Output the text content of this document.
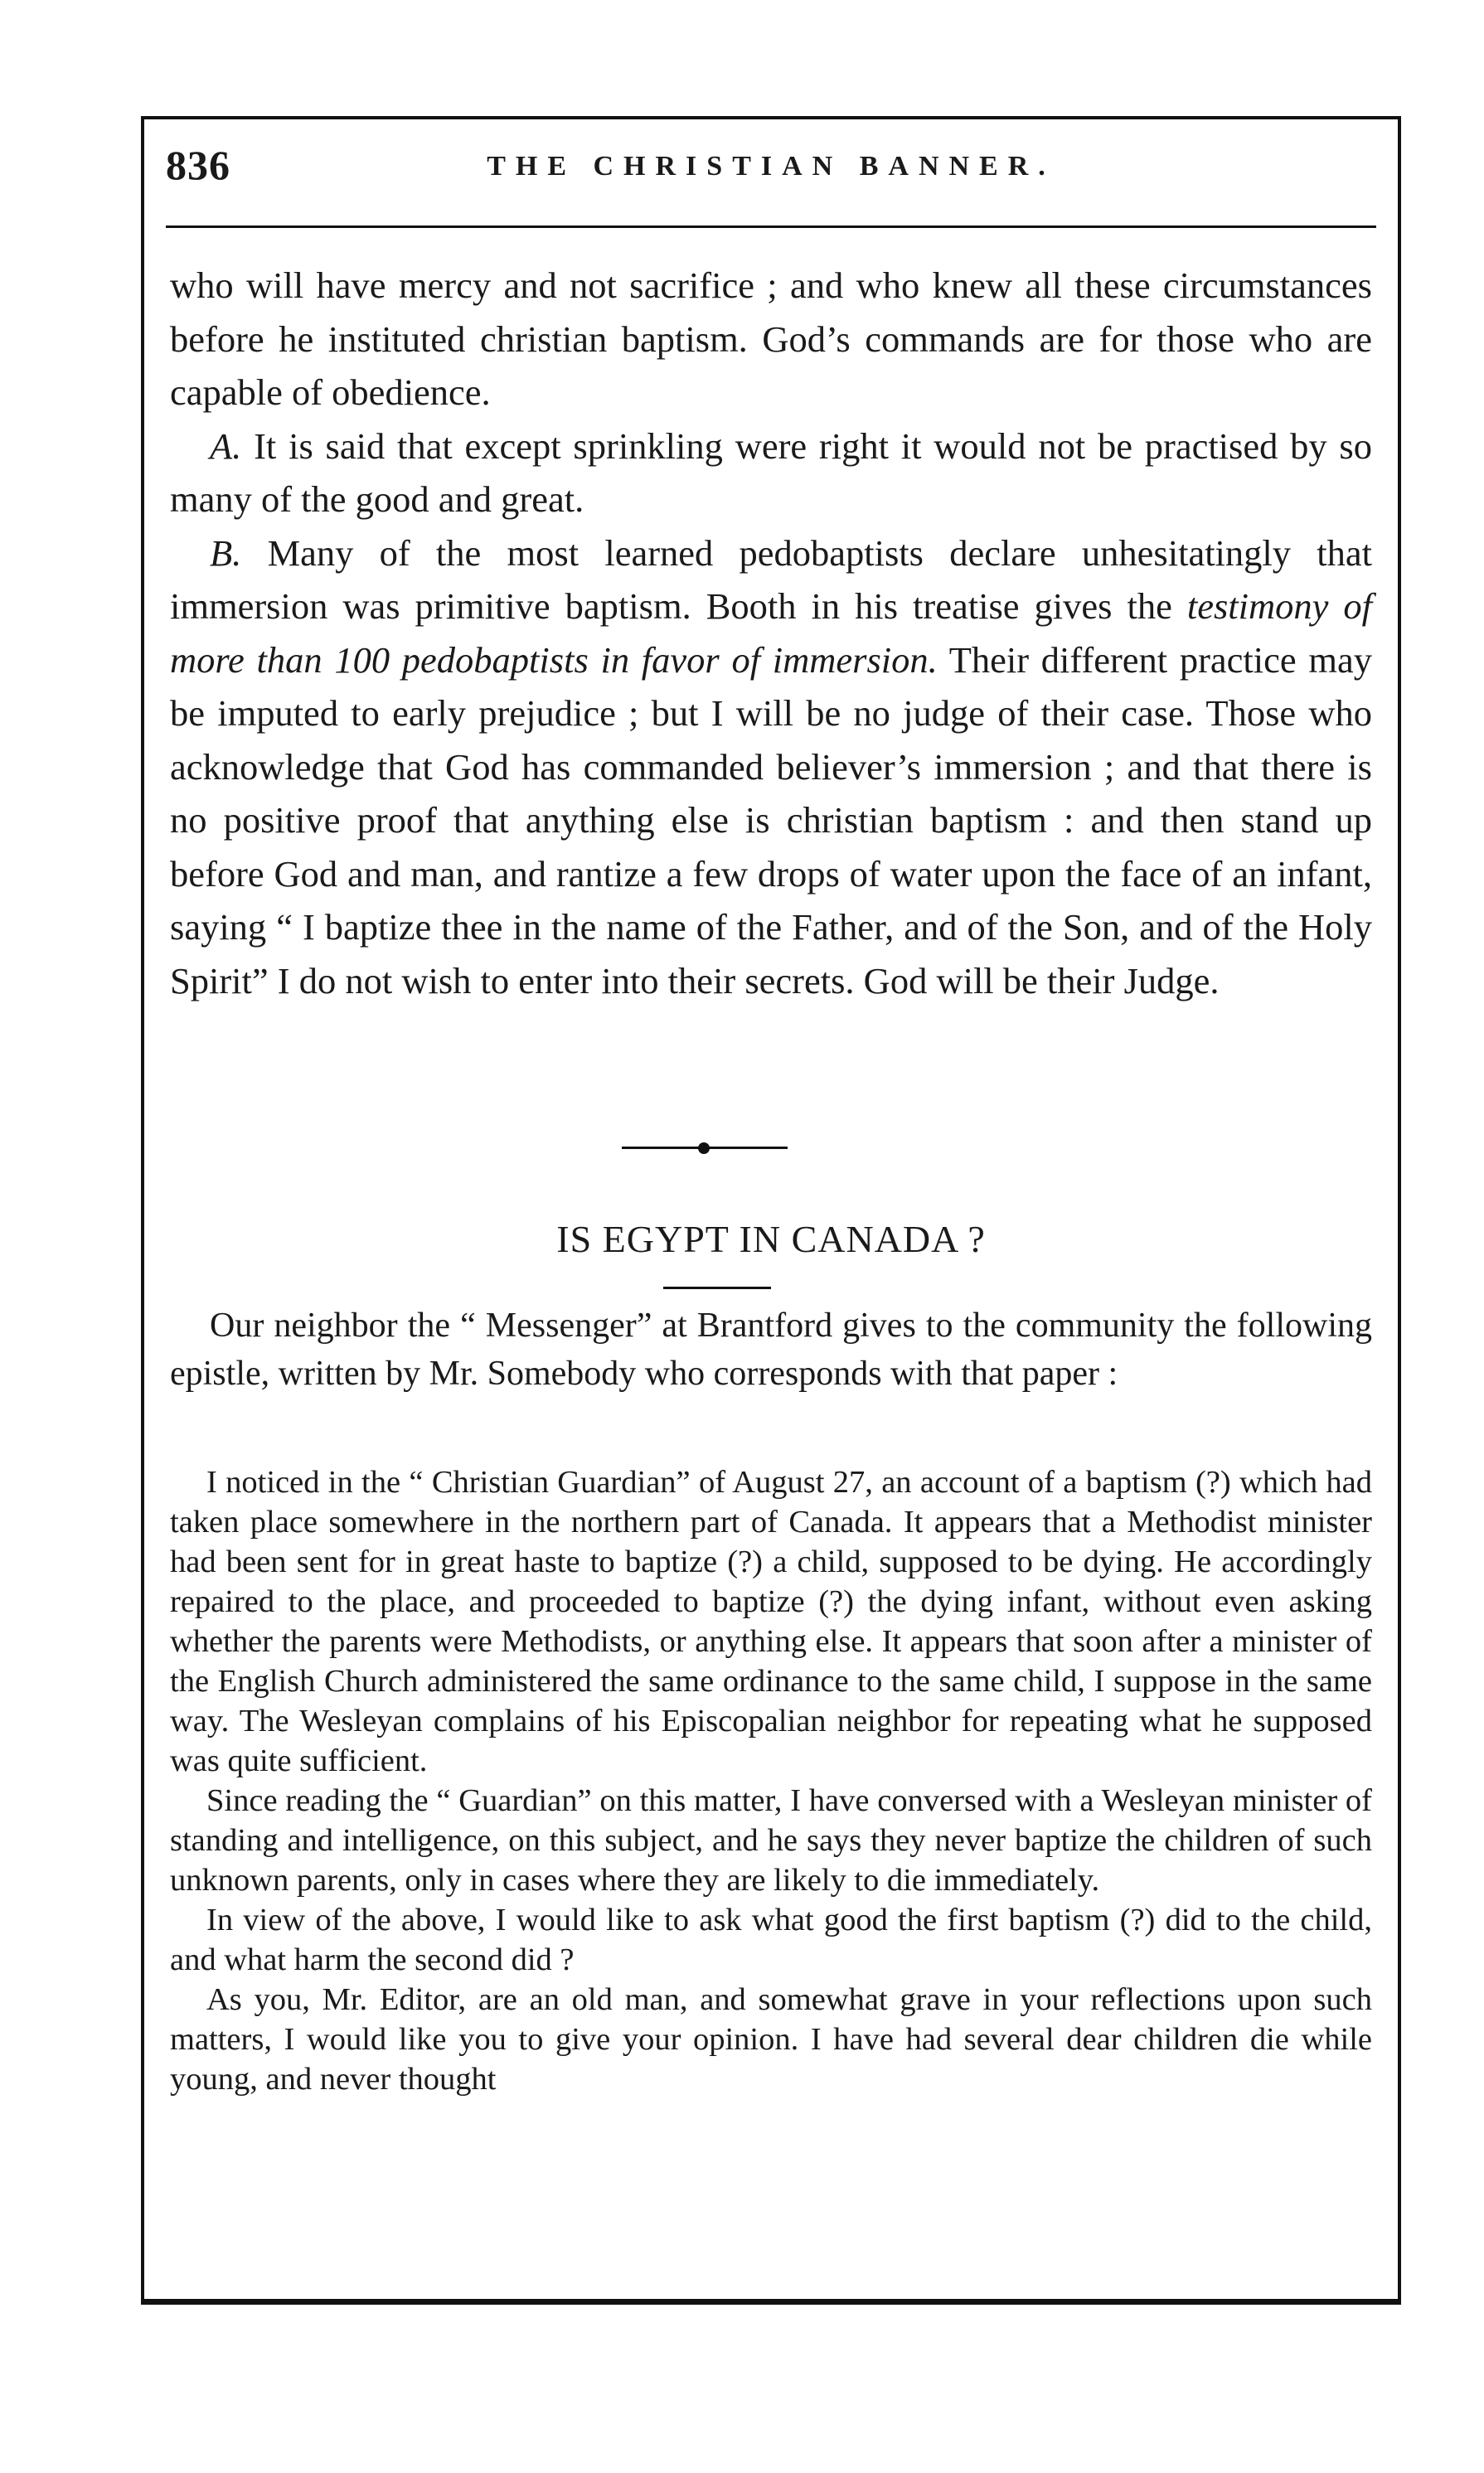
836	THE CHRISTIAN BANNER.

who will have mercy and not sacrifice ; and who knew all these circumstances before he instituted christian baptism. God’s commands are for those who are capable of obedience.

A. It is said that except sprinkling were right it would not be practised by so many of the good and great.

B. Many of the most learned pedobaptists declare unhesitatingly that immersion was primitive baptism. Booth in his treatise gives the testimony of more than 100 pedobaptists in favor of immersion. Their different practice may be imputed to early prejudice ; but I will be no judge of their case. Those who acknowledge that God has commanded believer’s immersion ; and that there is no positive proof that anything else is christian baptism : and then stand up before God and man, and rantize a few drops of water upon the face of an infant, saying “ I baptize thee in the name of the Father, and of the Son, and of the Holy Spirit” I do not wish to enter into their secrets. God will be their Judge.

IS EGYPT IN CANADA ?

Our neighbor the “ Messenger” at Brantford gives to the community the following epistle, written by Mr. Somebody who corresponds with that paper :

I noticed in the “ Christian Guardian” of August 27, an account of a baptism (?) which had taken place somewhere in the northern part of Canada. It appears that a Methodist minister had been sent for in great haste to baptize (?) a child, supposed to be dying. He accordingly repaired to the place, and proceeded to baptize (?) the dying infant, without even asking whether the parents were Methodists, or anything else. It appears that soon after a minister of the English Church administered the same ordinance to the same child, I suppose in the same way. The Wesleyan complains of his Episcopalian neighbor for repeating what he supposed was quite sufficient.

Since reading the “ Guardian” on this matter, I have conversed with a Wesleyan minister of standing and intelligence, on this subject, and he says they never baptize the children of such unknown parents, only in cases where they are likely to die immediately.

In view of the above, I would like to ask what good the first baptism (?) did to the child, and what harm the second did ?

As you, Mr. Editor, are an old man, and somewhat grave in your reflections upon such matters, I would like you to give your opinion. I have had several dear children die while young, and never thought
